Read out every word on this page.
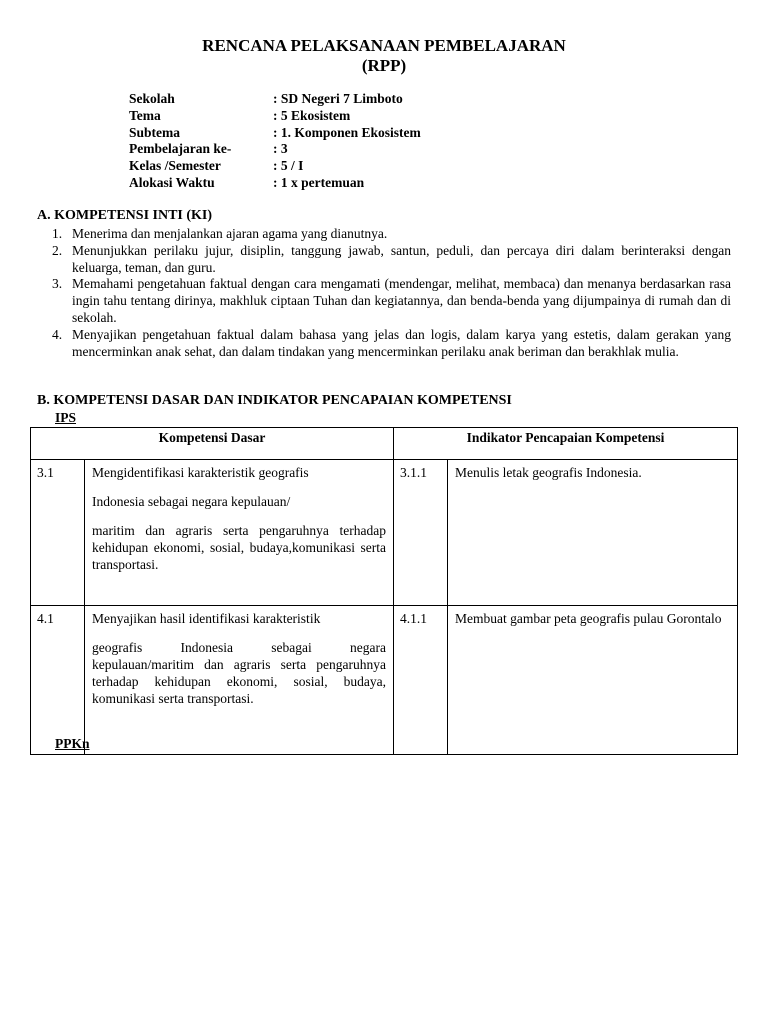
RENCANA PELAKSANAAN PEMBELAJARAN
(RPP)
Sekolah	: SD Negeri 7 Limboto
Tema	: 5 Ekosistem
Subtema	: 1. Komponen Ekosistem
Pembelajaran ke-	: 3
Kelas /Semester	: 5 / I
Alokasi Waktu	: 1 x pertemuan
A. KOMPETENSI INTI (KI)
1. Menerima dan menjalankan ajaran agama yang dianutnya.
2. Menunjukkan perilaku jujur, disiplin, tanggung jawab, santun, peduli, dan percaya diri dalam berinteraksi dengan keluarga, teman, dan guru.
3. Memahami pengetahuan faktual dengan cara mengamati (mendengar, melihat, membaca) dan menanya berdasarkan rasa ingin tahu tentang dirinya, makhluk ciptaan Tuhan dan kegiatannya, dan benda-benda yang dijumpainya di rumah dan di sekolah.
4. Menyajikan pengetahuan faktual dalam bahasa yang jelas dan logis, dalam karya yang estetis, dalam gerakan yang mencerminkan anak sehat, dan dalam tindakan yang mencerminkan perilaku anak beriman dan berakhlak mulia.
B. KOMPETENSI DASAR DAN INDIKATOR PENCAPAIAN KOMPETENSI
IPS
Kompetensi Dasar		Indikator Pencapaian Kompetensi	
3.1	Mengidentifikasi karakteristik geografis

Indonesia sebagai negara kepulauan/

maritim dan agraris serta pengaruhnya terhadap kehidupan ekonomi, sosial, budaya,komunikasi serta transportasi.	3.1.1	Menulis letak geografis Indonesia.
4.1	Menyajikan hasil identifikasi karakteristik

geografis Indonesia sebagai negara kepulauan/maritim dan agraris serta pengaruhnya terhadap kehidupan ekonomi, sosial, budaya, komunikasi serta transportasi.	4.1.1	Membuat gambar peta geografis pulau Gorontalo
PPKn
